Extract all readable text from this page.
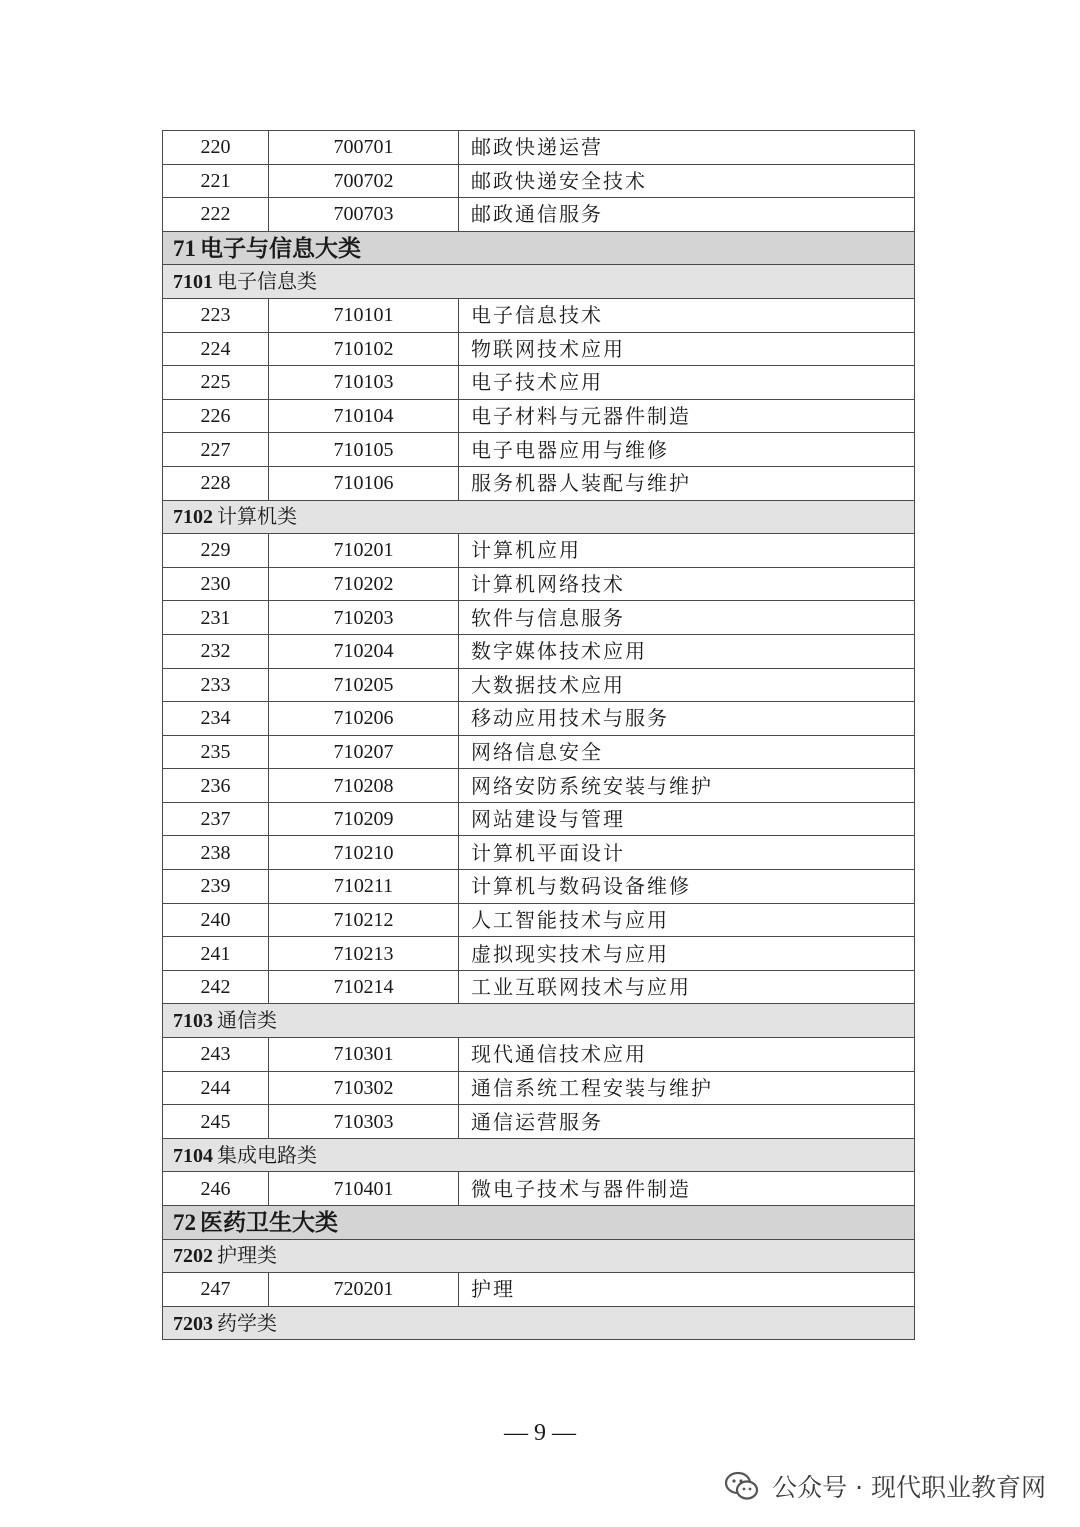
220	700701	邮政快递运营
221	700702	邮政快递安全技术
222	700703	邮政通信服务
71 电子与信息大类		
7101 电子信息类		
223	710101	电子信息技术
224	710102	物联网技术应用
225	710103	电子技术应用
226	710104	电子材料与元器件制造
227	710105	电子电器应用与维修
228	710106	服务机器人装配与维护
7102 计算机类		
229	710201	计算机应用
230	710202	计算机网络技术
231	710203	软件与信息服务
232	710204	数字媒体技术应用
233	710205	大数据技术应用
234	710206	移动应用技术与服务
235	710207	网络信息安全
236	710208	网络安防系统安装与维护
237	710209	网站建设与管理
238	710210	计算机平面设计
239	710211	计算机与数码设备维修
240	710212	人工智能技术与应用
241	710213	虚拟现实技术与应用
242	710214	工业互联网技术与应用
7103 通信类		
243	710301	现代通信技术应用
244	710302	通信系统工程安装与维护
245	710303	通信运营服务
7104 集成电路类		
246	710401	微电子技术与器件制造
72 医药卫生大类		
7202 护理类		
247	720201	护理
7203 药学类		
— 9 —
公众号 · 现代职业教育网
